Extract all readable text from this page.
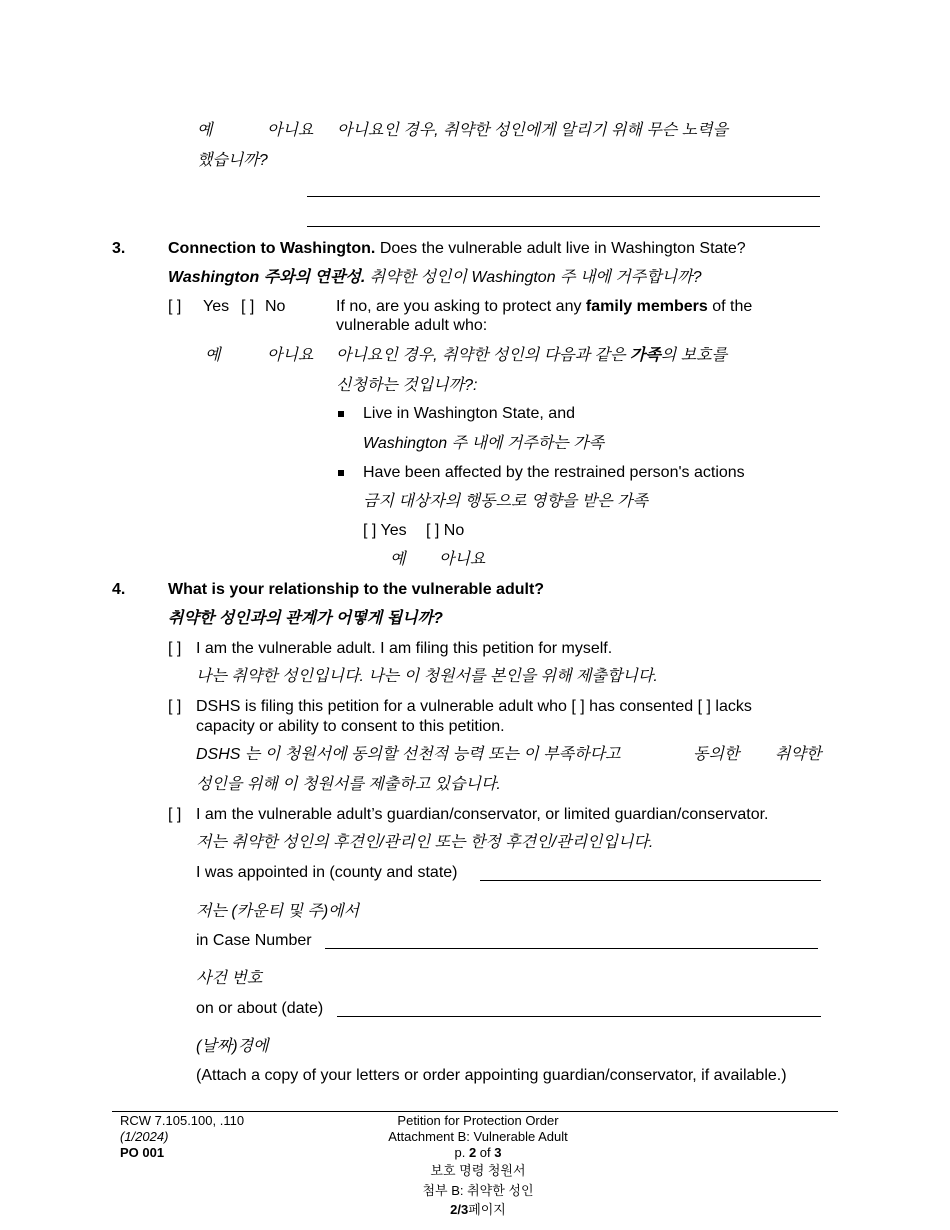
예	아니요 아니요인 경우, 취약한 성인에게 알리기 위해 무슨 노력을
했습니까?
3.	Connection to Washington. Does the vulnerable adult live in Washington State?
Washington 주와의 연관성. 취약한 성인이 Washington 주 내에 거주합니까?
[ ] Yes [ ] No
예	아니요
If no, are you asking to protect any family members of the
vulnerable adult who:
아니요인 경우, 취약한 성인의 다음과 같은 가족의 보호를
신청하는 것입니까?:
Live in Washington State, and
Washington 주 내에 거주하는 가족
Have been affected by the restrained person's actions
금지 대상자의 행동으로 영향을 받은 가족
[ ] Yes [ ] No
예 아니요
4.	What is your relationship to the vulnerable adult?
취약한 성인과의 관계가 어떻게 됩니까?
[ ] I am the vulnerable adult. I am filing this petition for myself.
나는 취약한 성인입니다. 나는 이 청원서를 본인을 위해 제출합니다.
[ ] DSHS is filing this petition for a vulnerable adult who [ ] has consented [ ] lacks
capacity or ability to consent to this petition.
DSHS 는 이 청원서에 동의할 선천적 능력 또는 이 부족하다고	동의한 취약한
성인을 위해 이 청원서를 제출하고 있습니다.
[ ] I am the vulnerable adult’s guardian/conservator, or limited guardian/conservator.
저는 취약한 성인의 후견인/관리인 또는 한정 후견인/관리인입니다.
I was appointed in (county and state)
저는 (카운티 및 주)에서
in Case Number
사건 번호
on or about (date)
(날짜)경에
(Attach a copy of your letters or order appointing guardian/conservator, if available.)
RCW 7.105.100, .110
(1/2024)
PO 001
Petition for Protection Order
Attachment B: Vulnerable Adult
p. 2 of 3
보호 명령 청원서
첨부 B: 취약한 성인
2/3페이지
